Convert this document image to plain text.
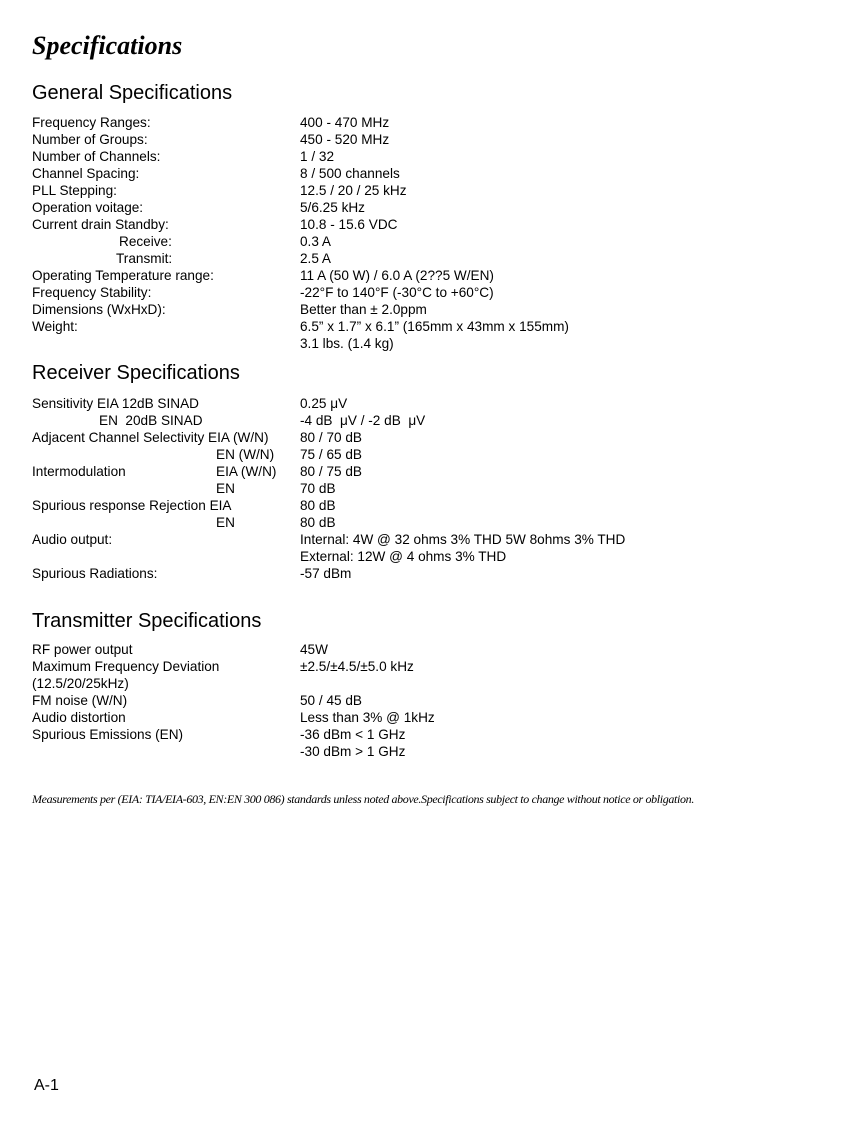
Specifications
General Specifications
Frequency Ranges:
Number of Groups:
Number of Channels:
Channel Spacing:
PLL Stepping:
Operation voitage:
Current drain Standby:
Receive:
Transmit:
Operating Temperature range:
Frequency Stability:
Dimensions (WxHxD):
Weight:
400 - 470 MHz
450 - 520 MHz
1 / 32
8 / 500 channels
12.5 / 20 / 25 kHz
5/6.25 kHz
10.8 - 15.6 VDC
0.3 A
2.5 A
11 A (50 W) / 6.0 A (2??5 W/EN)
-22°F to 140°F (-30°C to +60°C)
Better than ± 2.0ppm
6.5” x 1.7” x 6.1” (165mm x 43mm x 155mm)
3.1 lbs. (1.4 kg)
Receiver Specifications
Sensitivity EIA 12dB SINAD
EN  20dB SINAD
Adjacent Channel Selectivity EIA (W/N)
EN (W/N)
Intermodulation	EIA (W/N)
EN
Spurious response Rejection EIA
EN
Audio output:
Spurious Radiations:
0.25 μV
-4 dB  μV / -2 dB  μV
80 / 70 dB
75 / 65 dB
80 / 75 dB
70 dB
80 dB
80 dB
Internal: 4W @ 32 ohms 3% THD 5W 8ohms 3% THD
External: 12W @ 4 ohms 3% THD
-57 dBm
Transmitter Specifications
RF power output
Maximum Frequency Deviation
(12.5/20/25kHz)
FM noise (W/N)
Audio distortion
Spurious Emissions (EN)
45W
±2.5/±4.5/±5.0 kHz
50 / 45 dB
Less than 3% @ 1kHz
-36 dBm < 1 GHz
-30 dBm > 1 GHz

Measurements per (EIA: TIA/EIA-603, EN:EN 300 086) standards unless noted above.Specifications subject to change without notice or obligation.

A-1
